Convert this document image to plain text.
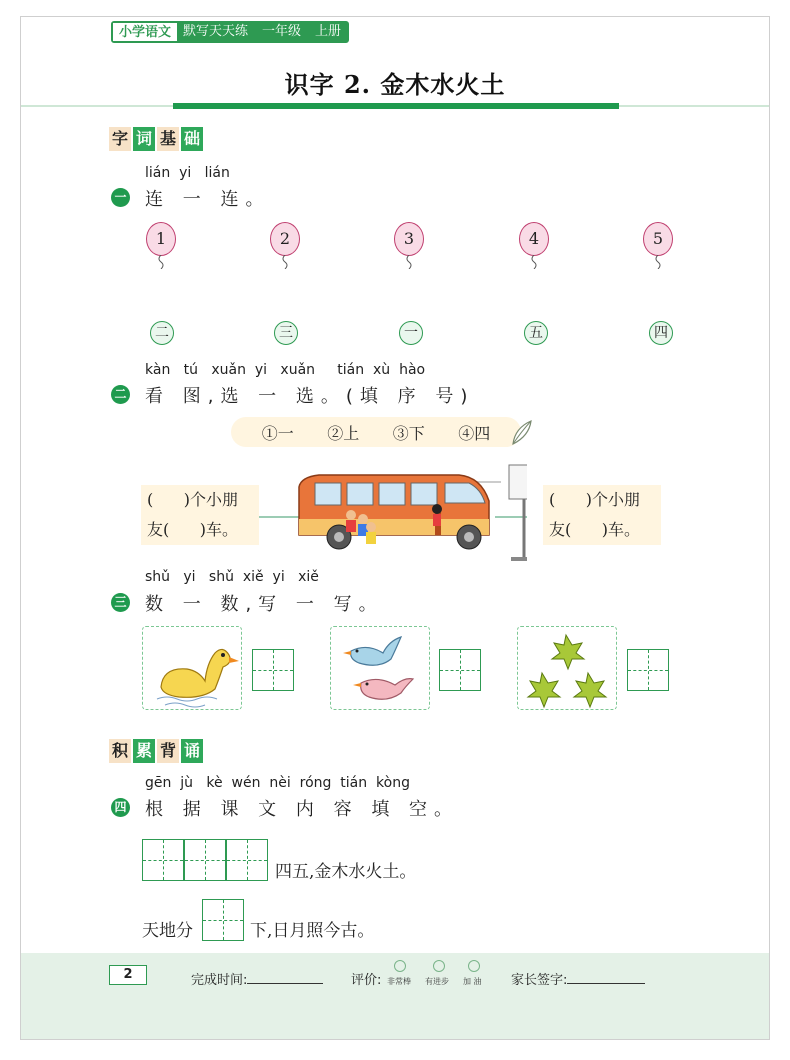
小学语文 默写天天练 一年级 上册
识字 2. 金木水火土
字 词 基 础
lián  yi   lián
一 连 一 连。
1	2	3	4	5
二	三	一	五	四
kàn   tú   xuǎn  yi   xuǎn     tián  xù  hào
二 看 图,选 一 选。(填 序 号)
①一 ②上 ③下 ④四
(      )个小朋
友(      )车。
(      )个小朋
友(      )车。
shǔ   yi   shǔ  xiě  yi   xiě
三 数 一 数,写 一 写。
积 累 背 诵
gēn  jù   kè  wén  nèi  róng  tián  kòng
四 根 据 课 文 内 容 填 空。
四五,金木水火土。
天地分	下,日月照今古。
2	完成时间:	评价: 非常棒 有进步 加 油 家长签字:
